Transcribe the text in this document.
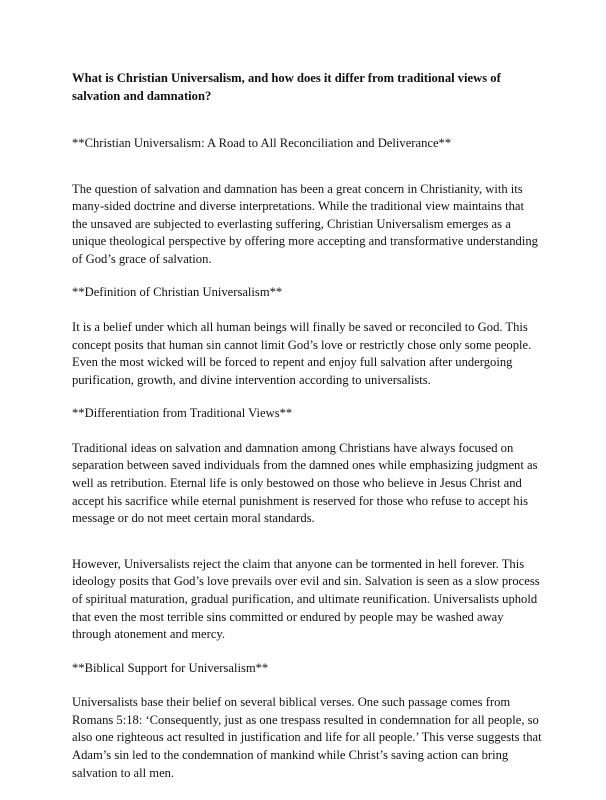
What is Christian Universalism, and how does it differ from traditional views of salvation and damnation?

**Christian Universalism: A Road to All Reconciliation and Deliverance**

The question of salvation and damnation has been a great concern in Christianity, with its many-sided doctrine and diverse interpretations. While the traditional view maintains that the unsaved are subjected to everlasting suffering, Christian Universalism emerges as a unique theological perspective by offering more accepting and transformative understanding of God’s grace of salvation.

**Definition of Christian Universalism**

It is a belief under which all human beings will finally be saved or reconciled to God. This concept posits that human sin cannot limit God’s love or restrictly chose only some people. Even the most wicked will be forced to repent and enjoy full salvation after undergoing purification, growth, and divine intervention according to universalists.

**Differentiation from Traditional Views**

Traditional ideas on salvation and damnation among Christians have always focused on separation between saved individuals from the damned ones while emphasizing judgment as well as retribution. Eternal life is only bestowed on those who believe in Jesus Christ and accept his sacrifice while eternal punishment is reserved for those who refuse to accept his message or do not meet certain moral standards.

However, Universalists reject the claim that anyone can be tormented in hell forever. This ideology posits that God’s love prevails over evil and sin. Salvation is seen as a slow process of spiritual maturation, gradual purification, and ultimate reunification. Universalists uphold that even the most terrible sins committed or endured by people may be washed away through atonement and mercy.

**Biblical Support for Universalism**

Universalists base their belief on several biblical verses. One such passage comes from Romans 5:18: ‘Consequently, just as one trespass resulted in condemnation for all people, so also one righteous act resulted in justification and life for all people.’ This verse suggests that Adam’s sin led to the condemnation of mankind while Christ’s saving action can bring salvation to all men.
